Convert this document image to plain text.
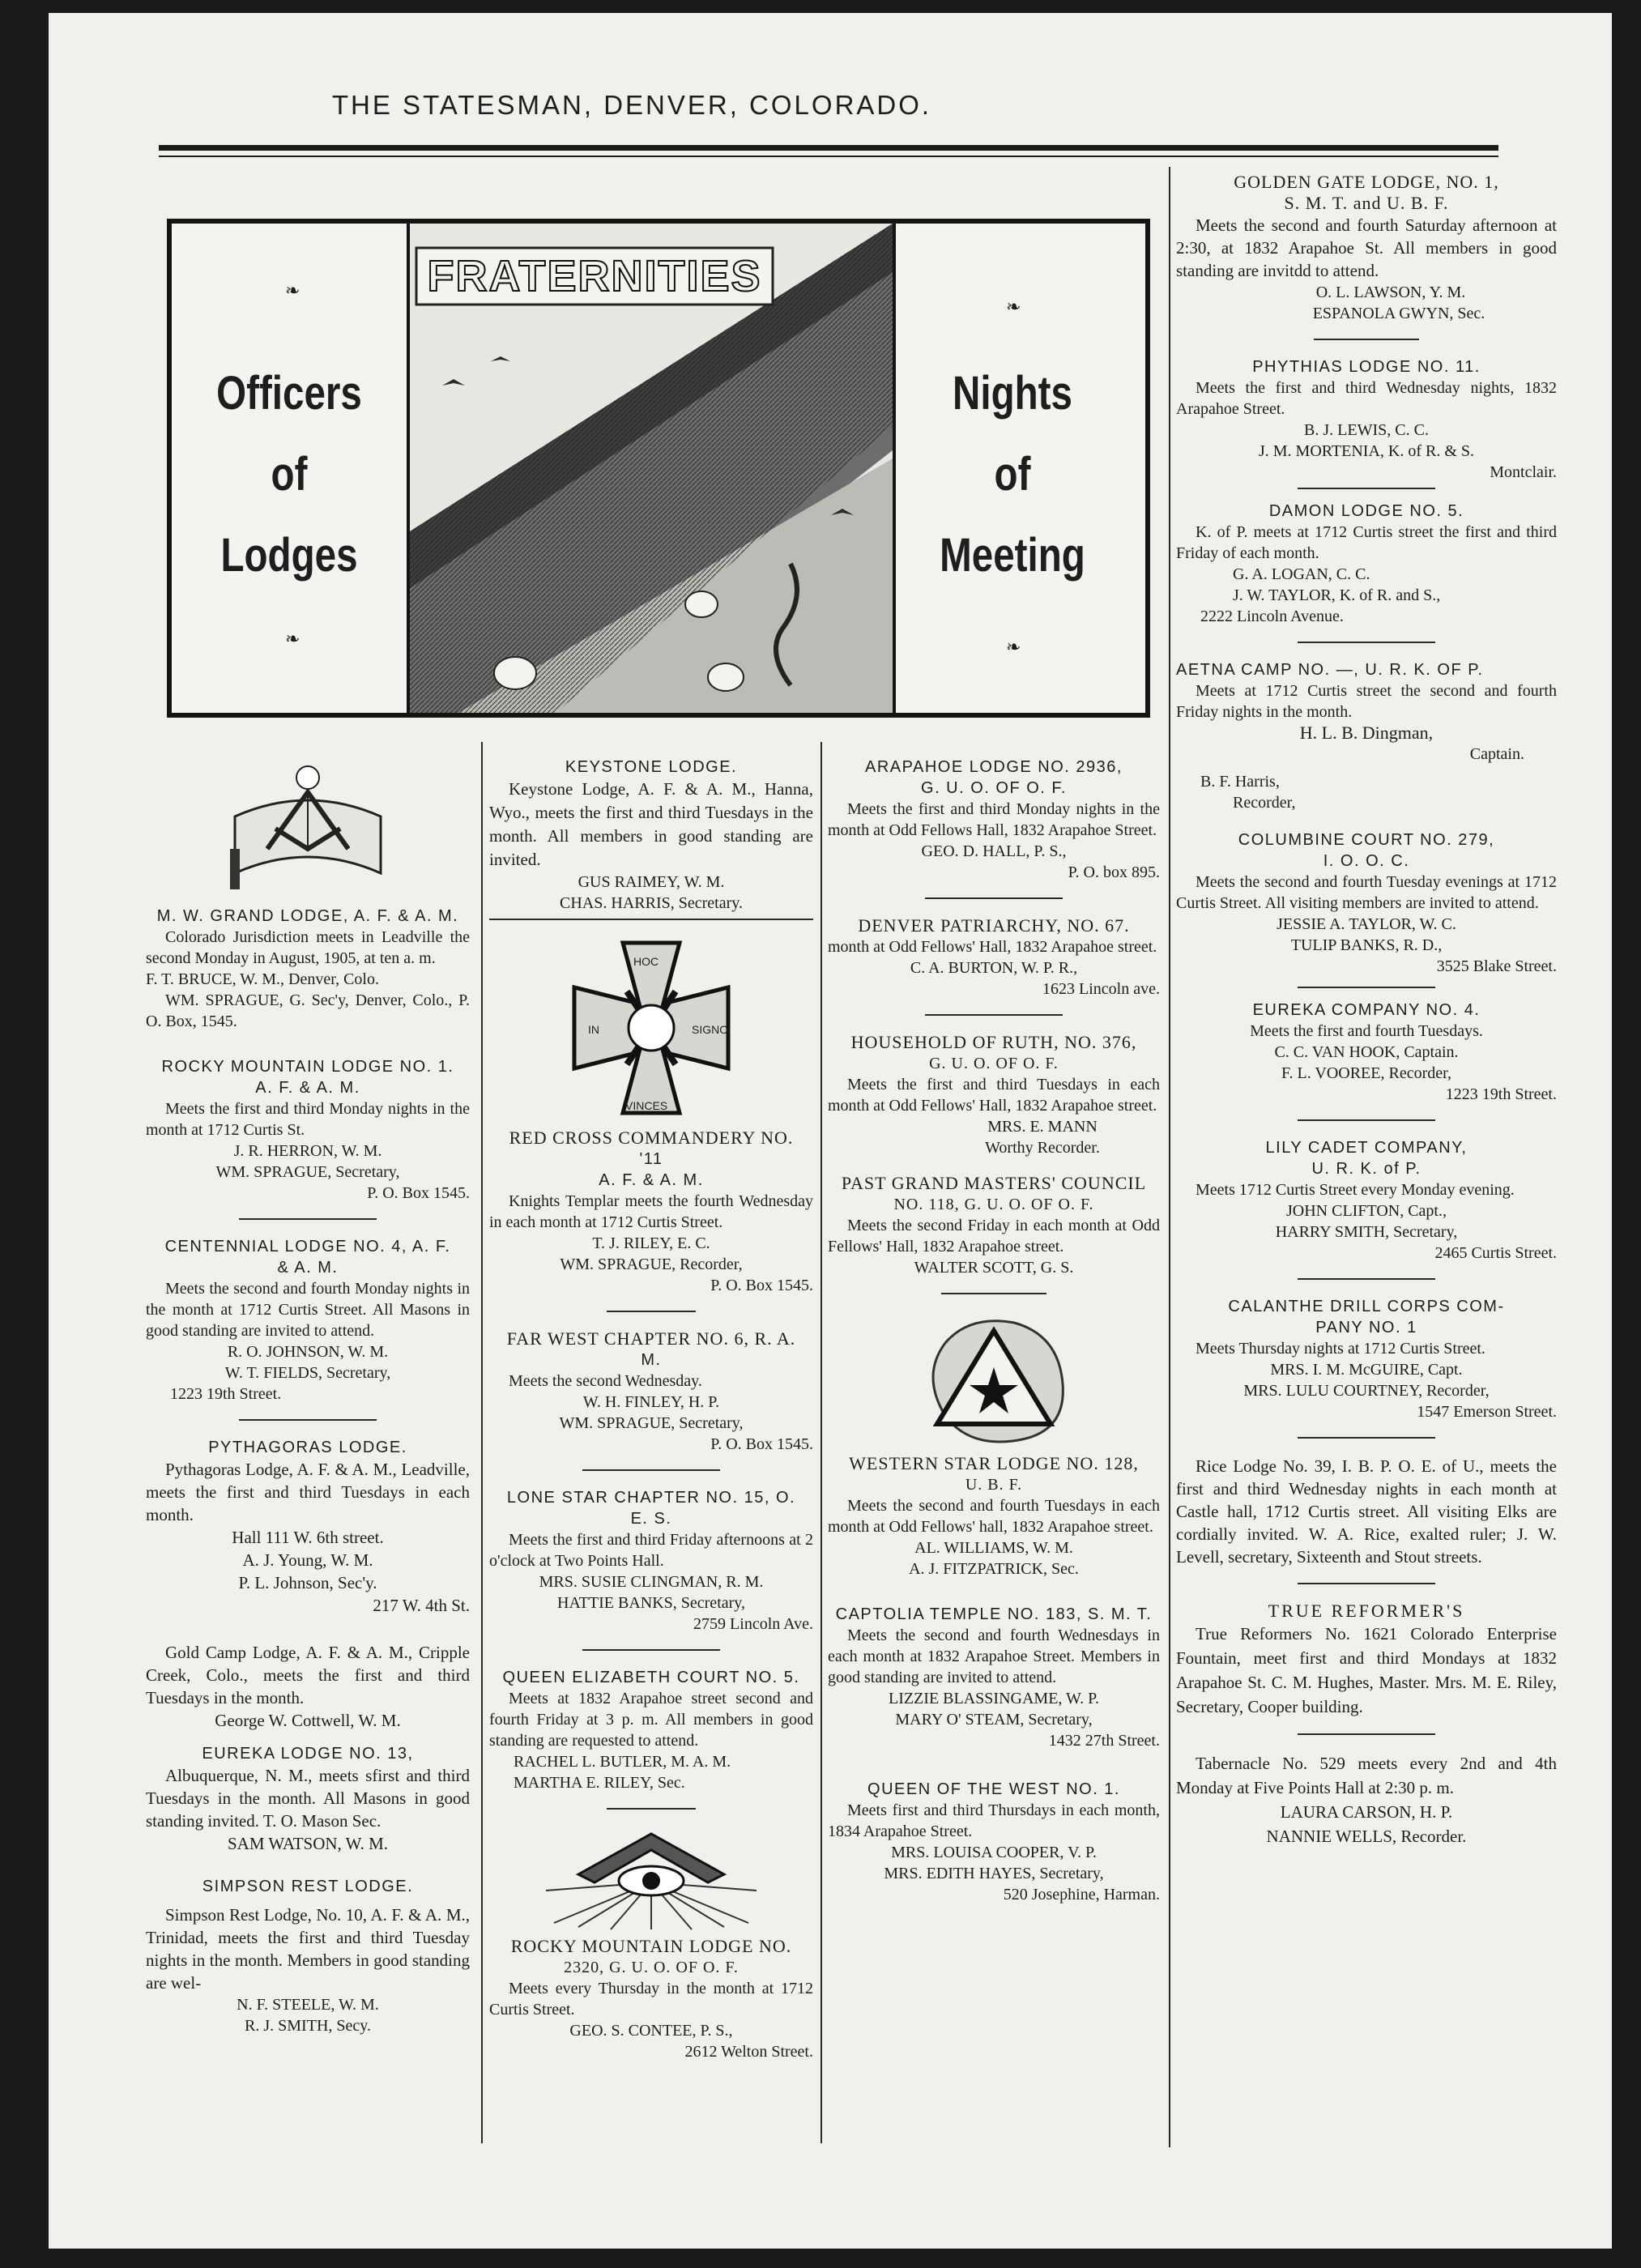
THE STATESMAN, DENVER, COLORADO.
Officers
of
Lodges
❧
❧
FRATERNITIES
Nights
of
Meeting
❧
❧

M. W. GRAND LODGE, A. F. & A. M.

Colorado Jurisdiction meets in Leadville the second Monday in August, 1905, at ten a. m.

F. T. BRUCE, W. M., Denver, Colo.

WM. SPRAGUE, G. Sec'y, Denver, Colo., P. O. Box, 1545.

ROCKY MOUNTAIN LODGE NO. 1.

A. F. & A. M.

Meets the first and third Monday nights in the month at 1712 Curtis St.

J. R. HERRON, W. M.

WM. SPRAGUE, Secretary,

P. O. Box 1545.

CENTENNIAL LODGE NO. 4, A. F.

& A. M.

Meets the second and fourth Monday nights in the month at 1712 Curtis Street. All Masons in good standing are invited to attend.

R. O. JOHNSON, W. M.

W. T. FIELDS, Secretary,

1223 19th Street.

PYTHAGORAS LODGE.

Pythagoras Lodge, A. F. & A. M., Leadville, meets the first and third Tuesdays in each month.

Hall 111 W. 6th street.

A. J. Young, W. M.

P. L. Johnson, Sec'y.

217 W. 4th St.

Gold Camp Lodge, A. F. & A. M., Cripple Creek, Colo., meets the first and third Tuesdays in the month.

George W. Cottwell, W. M.

EUREKA LODGE NO. 13,

Albuquerque, N. M., meets sfirst and third Tuesdays in the month. All Masons in good standing invited. T. O. Mason Sec.

SAM WATSON, W. M.

SIMPSON REST LODGE.

Simpson Rest Lodge, No. 10, A. F. & A. M., Trinidad, meets the first and third Tuesday nights in the month. Members in good standing are wel-

N. F. STEELE, W. M.

R. J. SMITH, Secy.

KEYSTONE LODGE.

Keystone Lodge, A. F. & A. M., Hanna, Wyo., meets the first and third Tuesdays in the month. All members in good standing are invited.

GUS RAIMEY, W. M.

CHAS. HARRIS, Secretary.

HOC
IN	SIGNO
VINCES

RED CROSS COMMANDERY NO.

'11

A. F. & A. M.

Knights Templar meets the fourth Wednesday in each month at 1712 Curtis Street.

T. J. RILEY, E. C.

WM. SPRAGUE, Recorder,

P. O. Box 1545.

FAR WEST CHAPTER NO. 6, R. A.

M.

Meets the second Wednesday.

W. H. FINLEY, H. P.

WM. SPRAGUE, Secretary,

P. O. Box 1545.

LONE STAR CHAPTER NO. 15, O.

E. S.

Meets the first and third Friday afternoons at 2 o'clock at Two Points Hall.

MRS. SUSIE CLINGMAN, R. M.

HATTIE BANKS, Secretary,

2759 Lincoln Ave.

QUEEN ELIZABETH COURT NO. 5.

Meets at 1832 Arapahoe street second and fourth Friday at 3 p. m. All members in good standing are requested to attend.

RACHEL L. BUTLER, M. A. M.

MARTHA E. RILEY, Sec.

ROCKY MOUNTAIN LODGE NO.

2320, G. U. O. OF O. F.

Meets every Thursday in the month at 1712 Curtis Street.

GEO. S. CONTEE, P. S.,

2612 Welton Street.

ARAPAHOE LODGE NO. 2936,

G. U. O. OF O. F.

Meets the first and third Monday nights in the month at Odd Fellows Hall, 1832 Arapahoe Street.

GEO. D. HALL, P. S.,

P. O. box 895.

DENVER PATRIARCHY, NO. 67.

month at Odd Fellows' Hall, 1832 Arapahoe street.

C. A. BURTON, W. P. R.,

1623 Lincoln ave.

HOUSEHOLD OF RUTH, NO. 376,

G. U. O. OF O. F.

Meets the first and third Tuesdays in each month at Odd Fellows' Hall, 1832 Arapahoe street.

MRS. E. MANN

Worthy Recorder.

PAST GRAND MASTERS' COUNCIL

NO. 118, G. U. O. OF O. F.

Meets the second Friday in each month at Odd Fellows' Hall, 1832 Arapahoe street.

WALTER SCOTT, G. S.

WESTERN STAR LODGE NO. 128,

U. B. F.

Meets the second and fourth Tuesdays in each month at Odd Fellows' hall, 1832 Arapahoe street.

AL. WILLIAMS, W. M.

A. J. FITZPATRICK, Sec.

CAPTOLIA TEMPLE NO. 183, S. M. T.

Meets the second and fourth Wednesdays in each month at 1832 Arapahoe Street. Members in good standing are invited to attend.

LIZZIE BLASSINGAME, W. P.

MARY O' STEAM, Secretary,

1432 27th Street.

QUEEN OF THE WEST NO. 1.

Meets first and third Thursdays in each month, 1834 Arapahoe Street.

MRS. LOUISA COOPER, V. P.

MRS. EDITH HAYES, Secretary,

520 Josephine, Harman.

GOLDEN GATE LODGE, NO. 1,

S. M. T. and U. B. F.

Meets the second and fourth Saturday afternoon at 2:30, at 1832 Arapahoe St. All members in good standing are invitdd to attend.

O. L. LAWSON, Y. M.

ESPANOLA GWYN, Sec.

PHYTHIAS LODGE NO. 11.

Meets the first and third Wednesday nights, 1832 Arapahoe Street.

B. J. LEWIS, C. C.

J. M. MORTENIA, K. of R. & S.

Montclair.

DAMON LODGE NO. 5.

K. of P. meets at 1712 Curtis street the first and third Friday of each month.

G. A. LOGAN, C. C.

J. W. TAYLOR, K. of R. and S.,

2222 Lincoln Avenue.

AETNA CAMP NO. —, U. R. K. OF P.

Meets at 1712 Curtis street the second and fourth Friday nights in the month.

H. L. B. Dingman,

Captain.

B. F. Harris,

Recorder,

COLUMBINE COURT NO. 279,

I. O. O. C.

Meets the second and fourth Tuesday evenings at 1712 Curtis Street. All visiting members are invited to attend.

JESSIE A. TAYLOR, W. C.

TULIP BANKS, R. D.,

3525 Blake Street.

EUREKA COMPANY NO. 4.

Meets the first and fourth Tuesdays.

C. C. VAN HOOK, Captain.

F. L. VOOREE, Recorder,

1223 19th Street.

LILY CADET COMPANY,

U. R. K. of P.

Meets 1712 Curtis Street every Monday evening.

JOHN CLIFTON, Capt.,

HARRY SMITH, Secretary,

2465 Curtis Street.

CALANTHE DRILL CORPS COM-

PANY NO. 1

Meets Thursday nights at 1712 Curtis Street.

MRS. I. M. McGUIRE, Capt.

MRS. LULU COURTNEY, Recorder,

1547 Emerson Street.

Rice Lodge No. 39, I. B. P. O. E. of U., meets the first and third Wednesday nights in each month at Castle hall, 1712 Curtis street. All visiting Elks are cordially invited. W. A. Rice, exalted ruler; J. W. Levell, secretary, Sixteenth and Stout streets.

TRUE REFORMER'S

True Reformers No. 1621 Colorado Enterprise Fountain, meet first and third Mondays at 1832 Arapahoe St. C. M. Hughes, Master. Mrs. M. E. Riley, Secretary, Cooper building.

Tabernacle No. 529 meets every 2nd and 4th Monday at Five Points Hall at 2:30 p. m.

LAURA CARSON, H. P.

NANNIE WELLS, Recorder.
